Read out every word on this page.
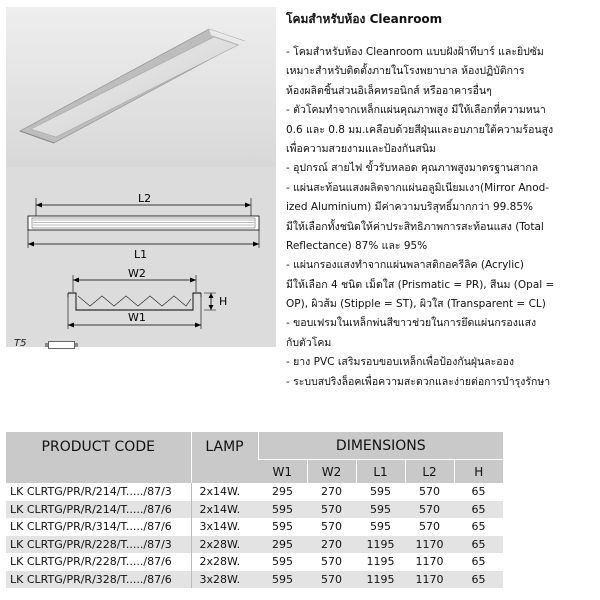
L2
L1
W2
H
W1
T5
โคมสำหรับห้อง Cleanroom
- โคมสำหรับห้อง Cleanroom แบบฝังฝ้าทีบาร์ และยิปซัม
เหมาะสำหรับติดตั้งภายในโรงพยาบาล ห้องปฏิบัติการ
ห้องผลิตชิ้นส่วนอิเล็คทรอนิกส์ หรืออาคารอื่นๆ
- ตัวโคมทำจากเหล็กแผ่นคุณภาพสูง มีให้เลือกที่ความหนา
0.6 และ 0.8 มม.เคลือบด้วยสีฝุ่นและอบภายใต้ความร้อนสูง
เพื่อความสวยงามและป้องกันสนิม
- อุปกรณ์ สายไฟ ขั้วรับหลอด คุณภาพสูงมาตรฐานสากล
- แผ่นสะท้อนแสงผลิตจากแผ่นอลูมิเนียมเงา(Mirror Anod-
ized Aluminium) มีค่าความบริสุทธิ์มากกว่า 99.85%
มีให้เลือกทั้งชนิดให้ค่าประสิทธิภาพการสะท้อนแสง (Total
Reflectance) 87% และ 95%
- แผ่นกรองแสงทำจากแผ่นพลาสติกอครีลิค (Acrylic)
มีให้เลือก 4 ชนิด เม็ดใส (Prismatic = PR), สีนม (Opal =
OP), ผิวส้ม (Stipple = ST), ผิวใส (Transparent = CL)
- ขอบเฟรมในเหล็กพ่นสีขาวช่วยในการยึดแผ่นกรองแสง
กับตัวโคม
- ยาง PVC เสริมรอบขอบเหล็กเพื่อป้องกันฝุ่นละออง
- ระบบสปริงล็อคเพื่อความสะดวกและง่ายต่อการบำรุงรักษา
PRODUCT CODE	LAMP	DIMENSIONS				
		W1	W2	L1	L2	H
LK CLRTG/PR/R/214/T...../87/3	2x14W.	295	270	595	570	65
LK CLRTG/PR/R/214/T...../87/6	2x14W.	595	570	595	570	65
LK CLRTG/PR/R/314/T...../87/6	3x14W.	595	570	595	570	65
LK CLRTG/PR/R/228/T...../87/3	2x28W.	295	270	1195	1170	65
LK CLRTG/PR/R/228/T...../87/6	2x28W.	595	570	1195	1170	65
LK CLRTG/PR/R/328/T...../87/6	3x28W.	595	570	1195	1170	65
